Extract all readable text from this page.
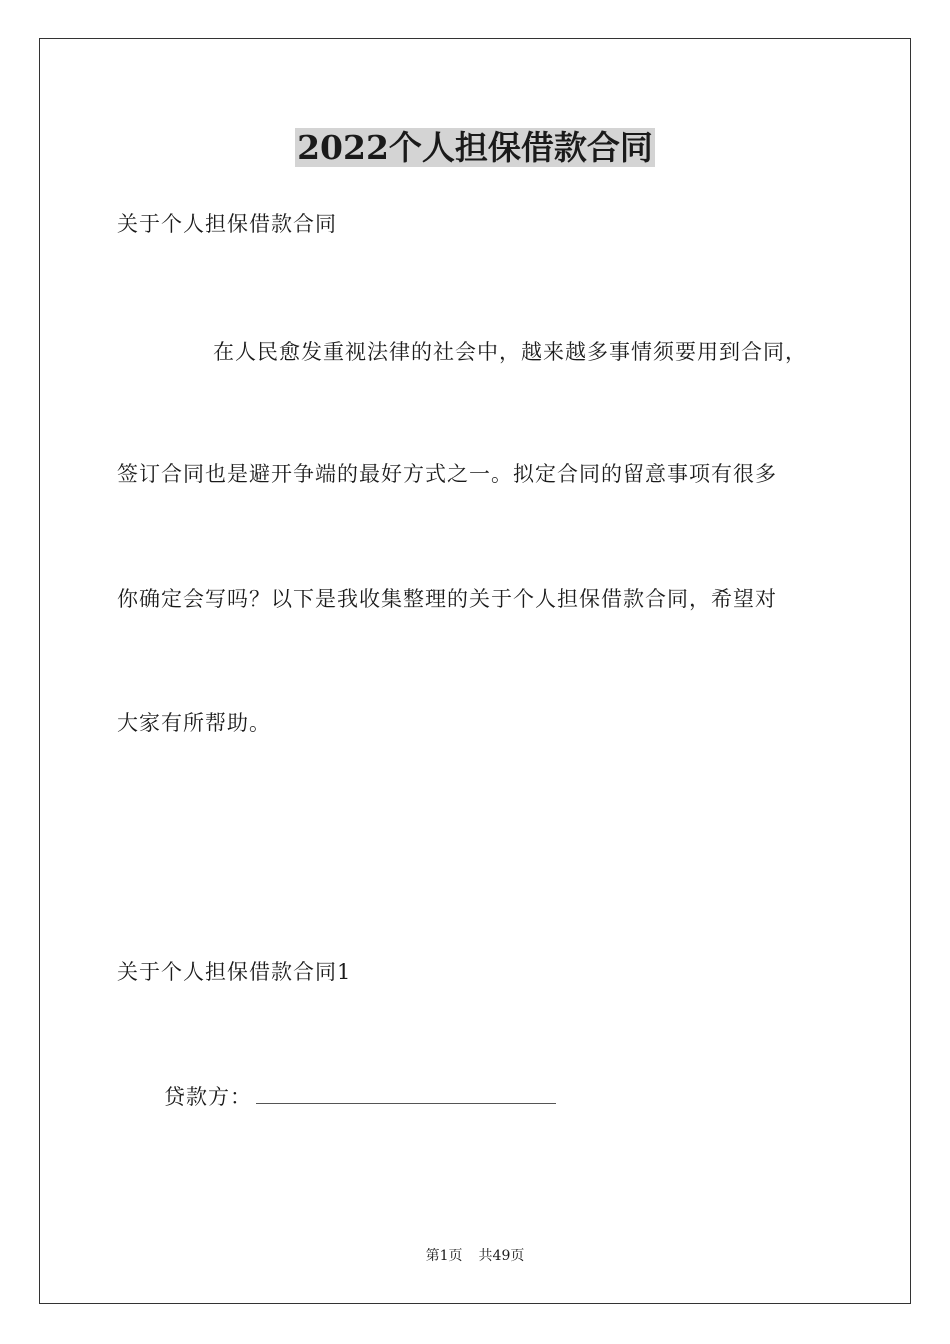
2022个人担保借款合同
关于个人担保借款合同
在人民愈发重视法律的社会中，越来越多事情须要用到合同，
签订合同也是避开争端的最好方式之一。拟定合同的留意事项有很多
你确定会写吗？以下是我收集整理的关于个人担保借款合同，希望对
大家有所帮助。
关于个人担保借款合同1
贷款方：
第1页 共49页
